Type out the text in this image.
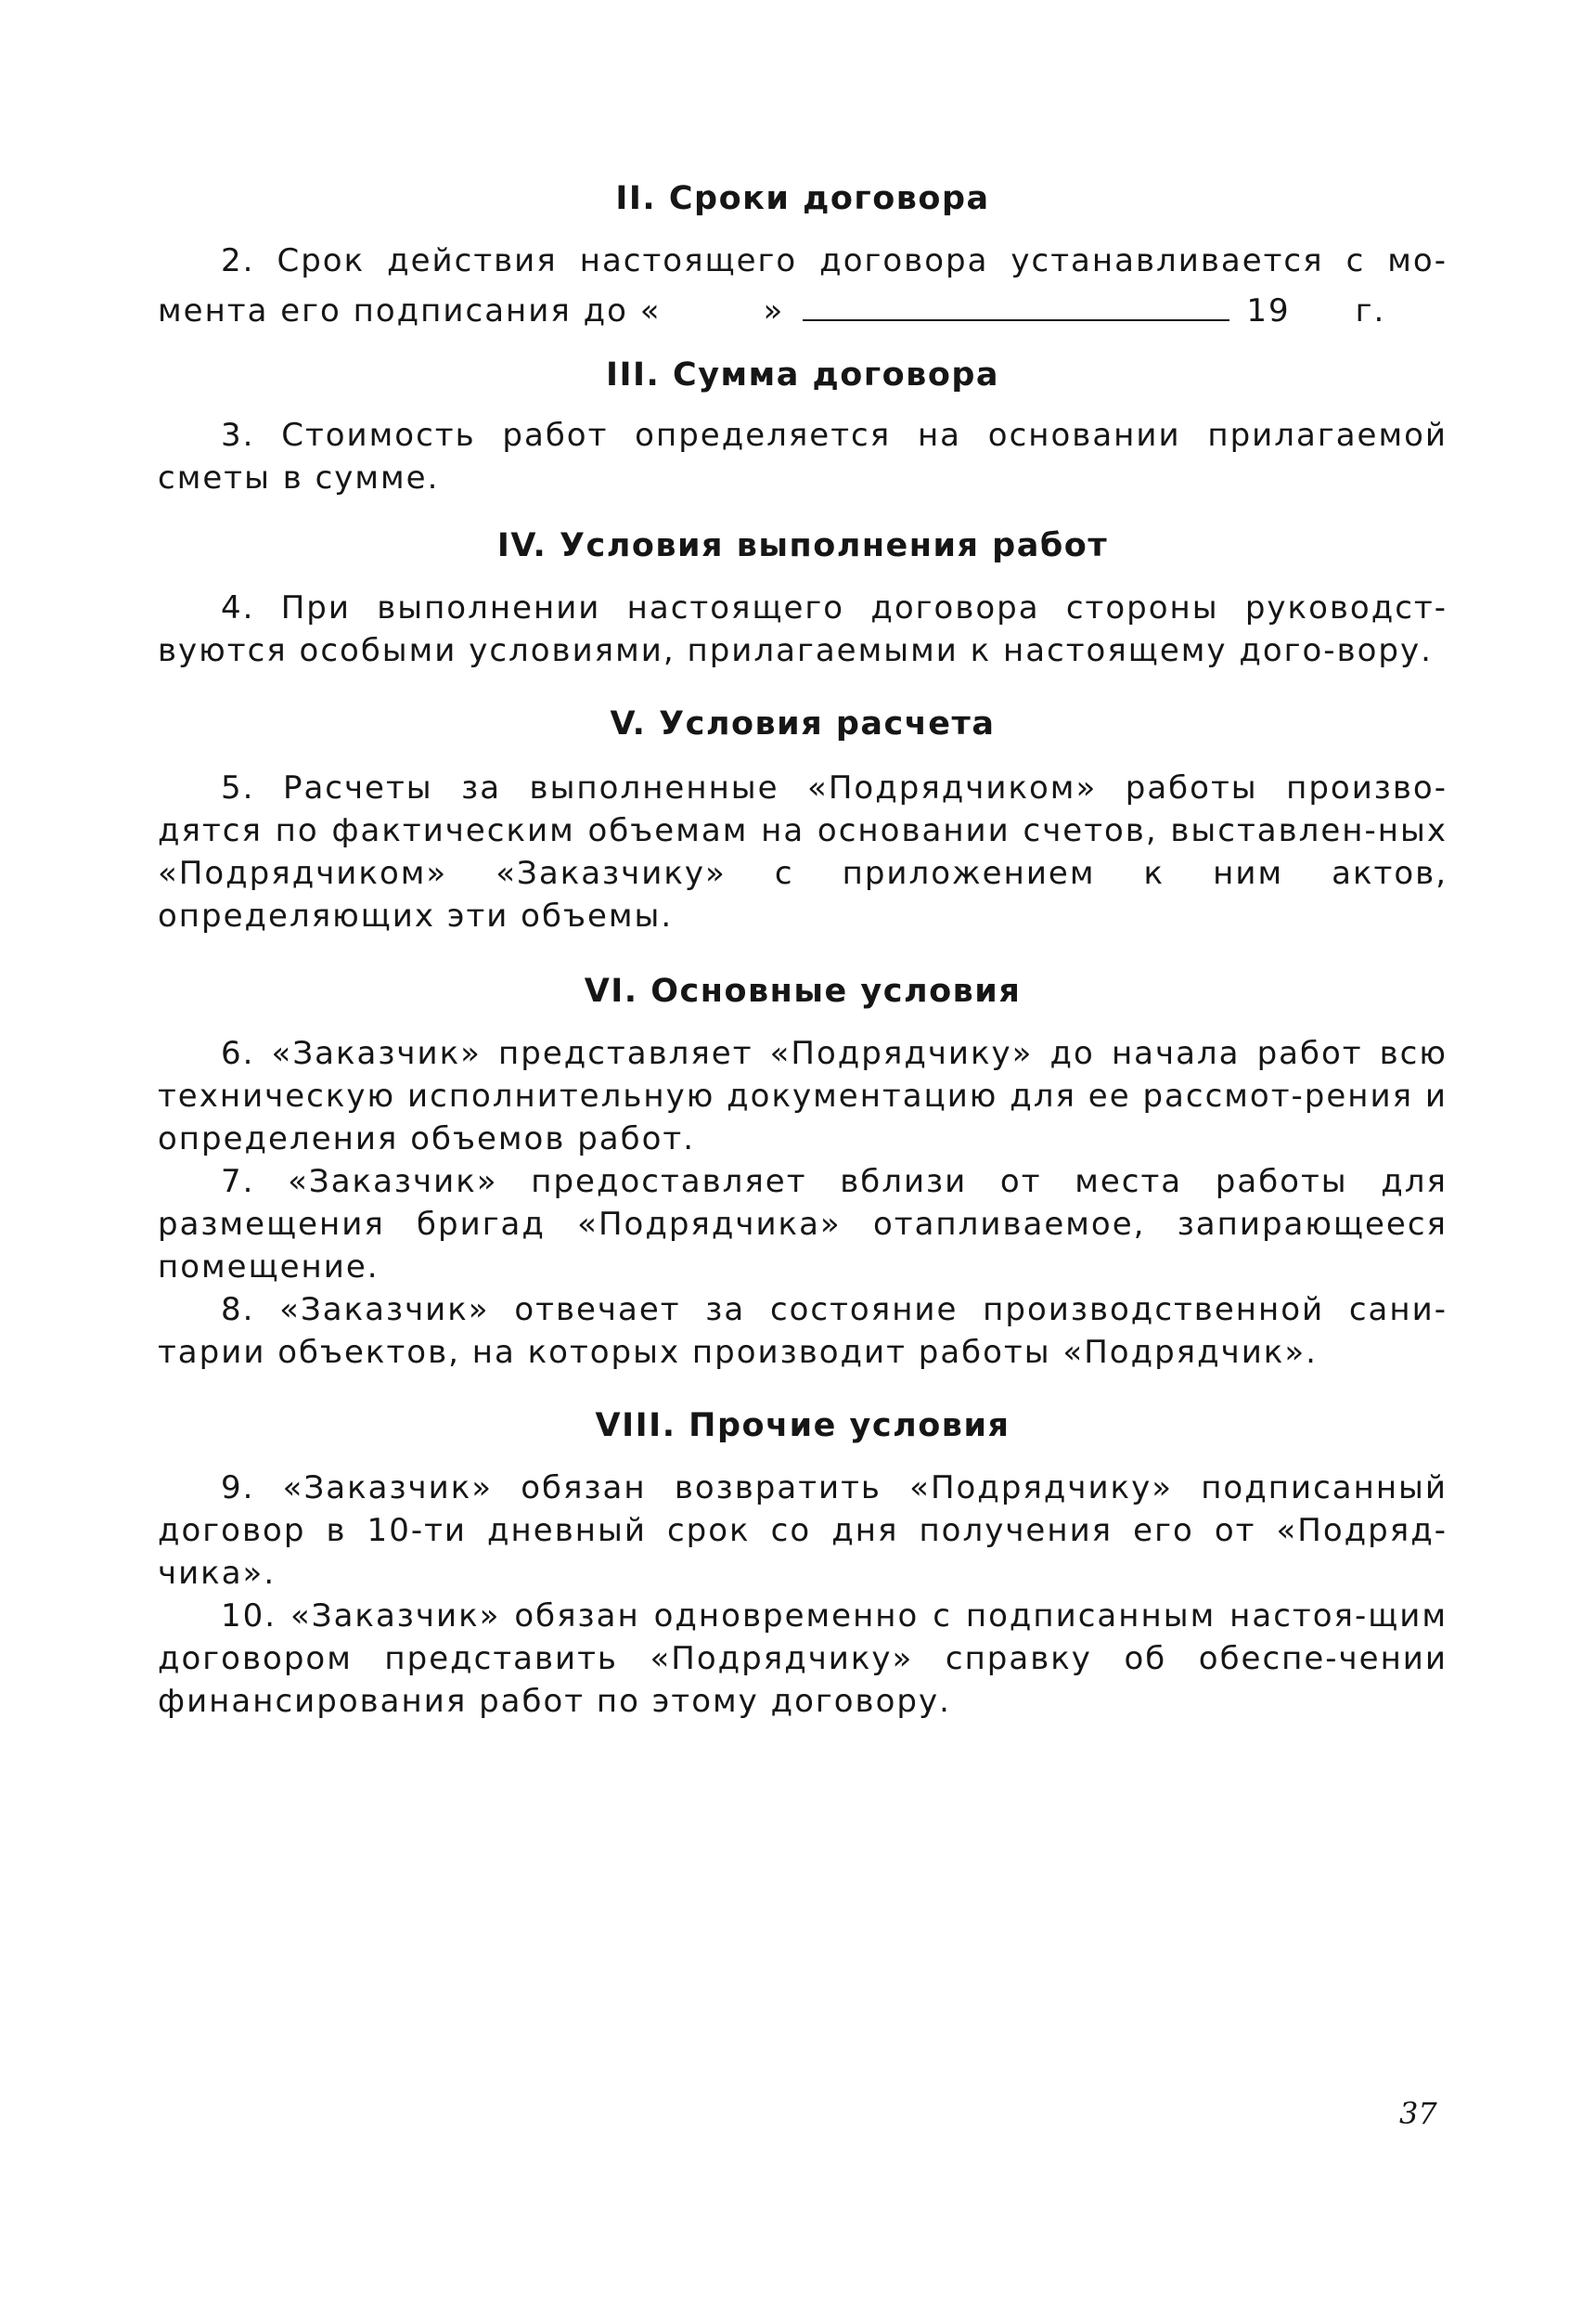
II. Сроки договора

2. Срок действия настоящего договора устанавливается с мо-

мента его подписания до «	»	19 г.
III. Сумма договора

3. Стоимость работ определяется на основании прилагаемой сметы в сумме.

IV. Условия выполнения работ

4. При выполнении настоящего договора стороны руководст-вуются особыми условиями, прилагаемыми к настоящему дого-вору.

V. Условия расчета

5. Расчеты за выполненные «Подрядчиком» работы произво-дятся по фактическим объемам на основании счетов, выставлен-ных «Подрядчиком» «Заказчику» с приложением к ним актов, определяющих эти объемы.

VI. Основные условия

6. «Заказчик» представляет «Подрядчику» до начала работ всю техническую исполнительную документацию для ее рассмот-рения и определения объемов работ.

7. «Заказчик» предоставляет вблизи от места работы для размещения бригад «Подрядчика» отапливаемое, запирающееся помещение.

8. «Заказчик» отвечает за состояние производственной сани-тарии объектов, на которых производит работы «Подрядчик».

VIII. Прочие условия

9. «Заказчик» обязан возвратить «Подрядчику» подписанный договор в 10-ти дневный срок со дня получения его от «Подряд-чика».

10. «Заказчик» обязан одновременно с подписанным настоя-щим договором представить «Подрядчику» справку об обеспе-чении финансирования работ по этому договору.

37
